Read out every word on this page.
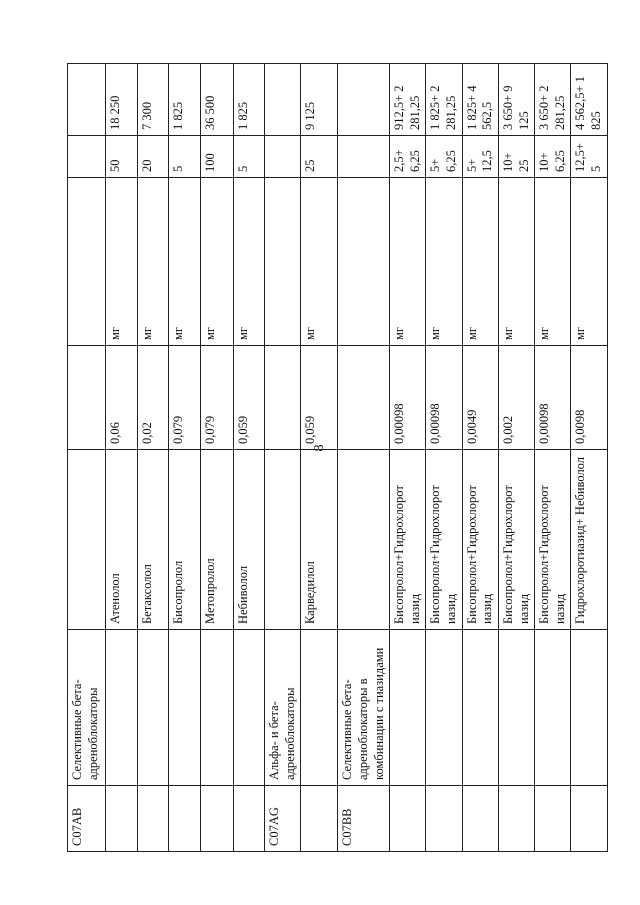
8
C07AB	Селективные бета-адреноблокаторы					
		Атенолол	0,06	мг	50	18 250
		Бетаксолол	0,02	мг	20	7 300
		Бисопролол	0,079	мг	5	1 825
		Метопролол	0,079	мг	100	36 500
		Небиволол	0,059	мг	5	1 825
C07AG	Альфа- и бета-адреноблокаторы					
		Карведилол	0,059	мг	25	9 125
C07BB	Селективные бета-адреноблокаторы в комбинации с тиазидами					
		Бисопролол+Гидрохлорот иазид	0,00098	мг	2,5+ 6,25	912,5+ 2 281,25
		Бисопролол+Гидрохлорот иазид	0,00098	мг	5+ 6,25	1 825+ 2 281,25
		Бисопролол+Гидрохлорот иазид	0,0049	мг	5+ 12,5	1 825+ 4 562,5
		Бисопролол+Гидрохлорот иазид	0,002	мг	10+ 25	3 650+ 9 125
		Бисопролол+Гидрохлорот иазид	0,00098	мг	10+ 6,25	3 650+ 2 281,25
		Гидрохлоротиазид+ Небиволол	0,0098	мг	12,5+ 5	4 562,5+ 1 825
